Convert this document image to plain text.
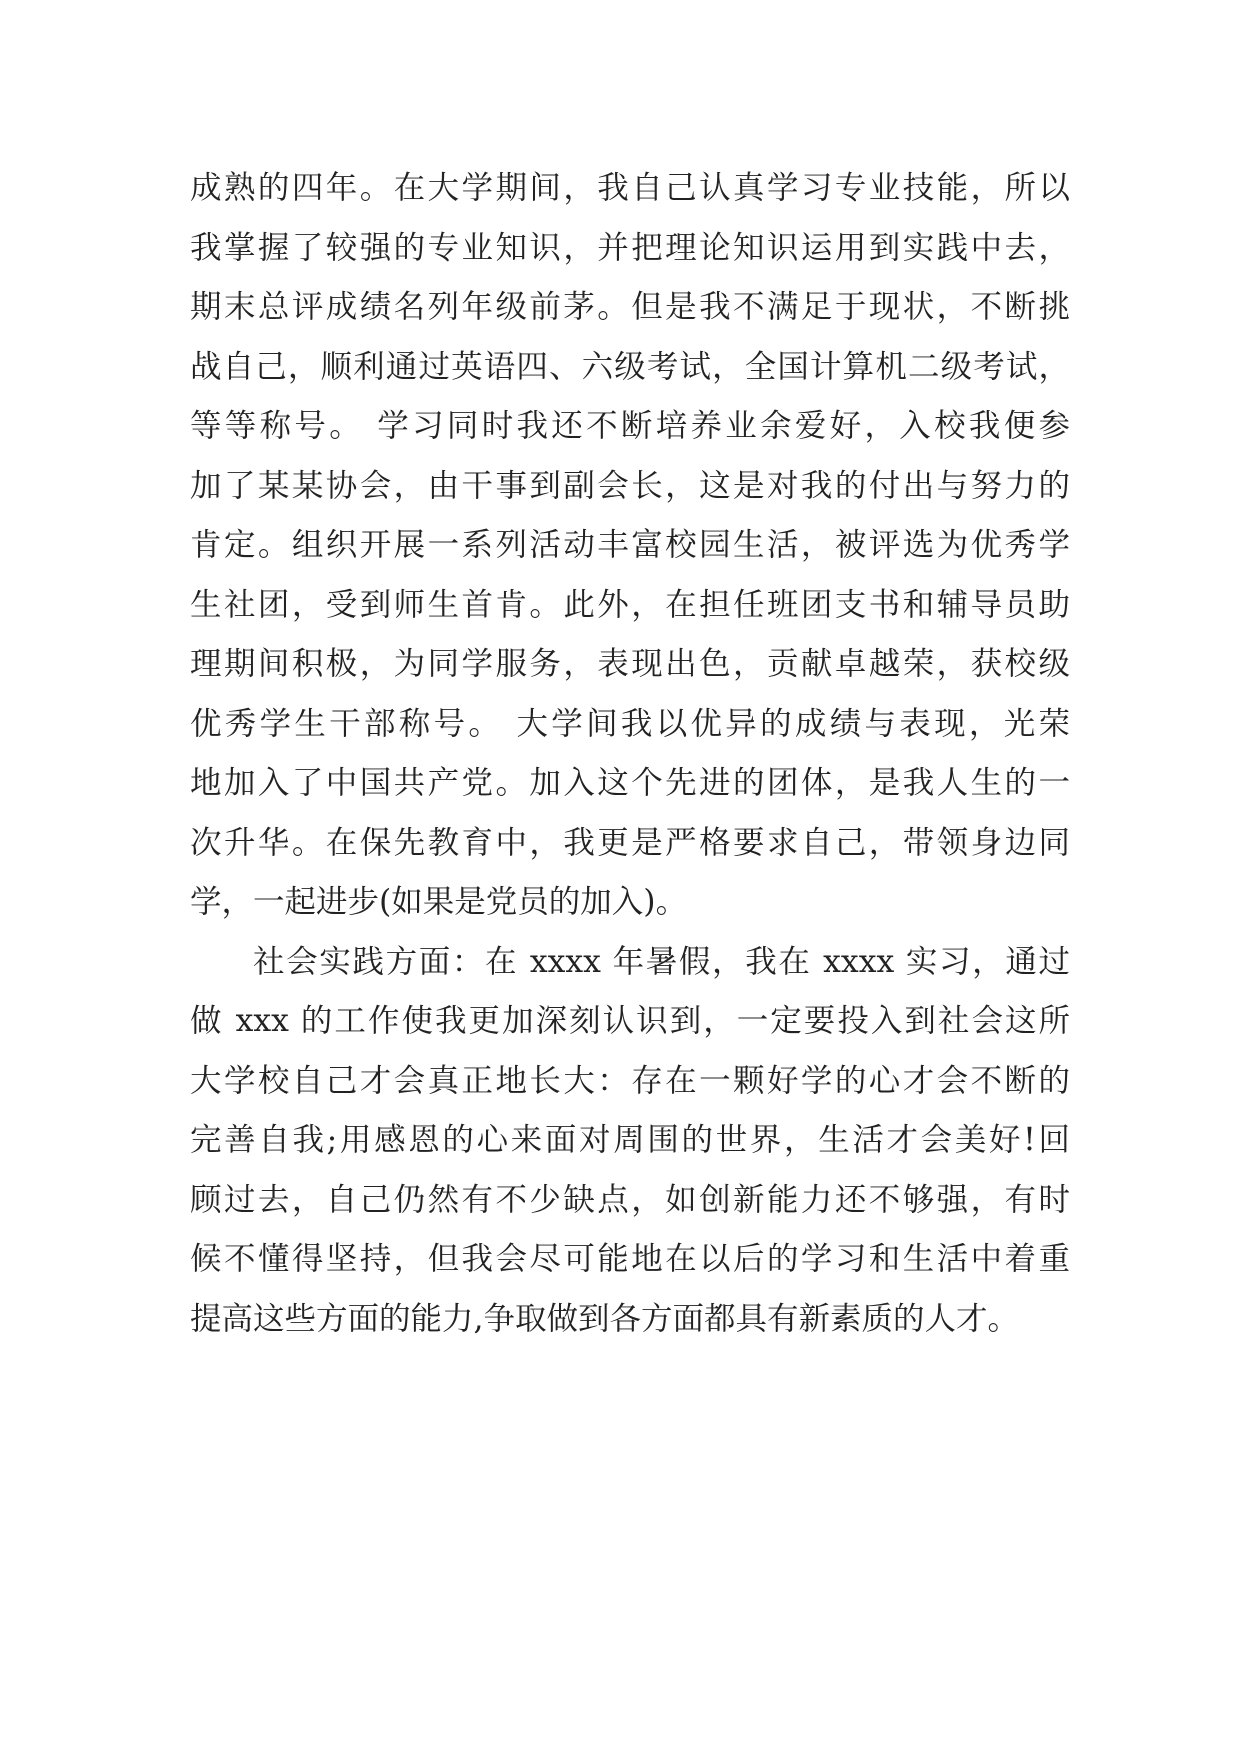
成熟的四年。在大学期间，我自己认真学习专业技能，所以
我掌握了较强的专业知识，并把理论知识运用到实践中去，
期末总评成绩名列年级前茅。但是我不满足于现状，不断挑
战自己，顺利通过英语四、六级考试，全国计算机二级考试，
等等称号。 学习同时我还不断培养业余爱好，入校我便参
加了某某协会，由干事到副会长，这是对我的付出与努力的
肯定。组织开展一系列活动丰富校园生活，被评选为优秀学
生社团，受到师生首肯。此外，在担任班团支书和辅导员助
理期间积极，为同学服务，表现出色，贡献卓越荣，获校级
优秀学生干部称号。 大学间我以优异的成绩与表现，光荣
地加入了中国共产党。加入这个先进的团体，是我人生的一
次升华。在保先教育中，我更是严格要求自己，带领身边同
学，一起进步(如果是党员的加入)。
社会实践方面：在 xxxx 年暑假，我在 xxxx 实习，通过
做 xxx 的工作使我更加深刻认识到，一定要投入到社会这所
大学校自己才会真正地长大：存在一颗好学的心才会不断的
完善自我;用感恩的心来面对周围的世界，生活才会美好!回
顾过去，自己仍然有不少缺点，如创新能力还不够强，有时
候不懂得坚持，但我会尽可能地在以后的学习和生活中着重
提高这些方面的能力,争取做到各方面都具有新素质的人才。
